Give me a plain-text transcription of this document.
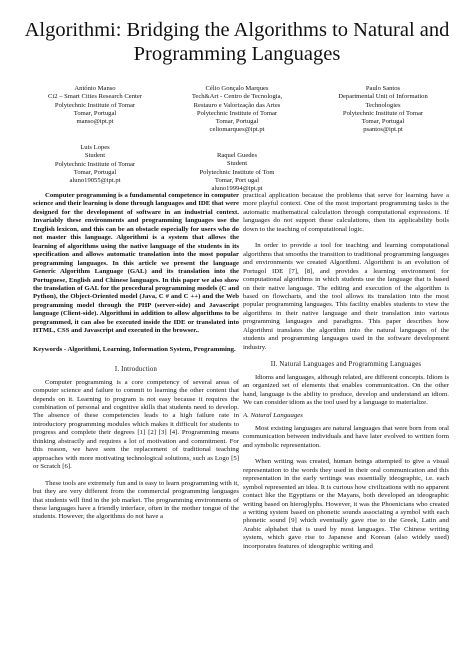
Algorithmi: Bridging the Algorithms to Natural and Programming Languages
António Manso
Ci2 – Smart Cities Research Center
Polytechnic Institute of Tomar
Tomar, Portugal
manso@ipt.pt
Célio Gonçalo Marques
Tech&Art - Centro de Tecnologia,
Restauro e Valorização das Artes
Polytechnic Institute of Tomar
Tomar, Portugal
celiomarques@ipt.pt
Paulo Santos
Departmental Unit of Information
Technologies
Polytechnic Institute of Tomar
Tomar, Portugal
psantos@ipt.pt
Luis Lopes
Student
Polytechnic Institute of Tomar
Tomar, Portugal
aluno19055@ipt.pt
Raquel Guedes
Student
Polytechnic Institute of Tom
Tomar, Port ugal
aluno19994@ipt.pt

Computer programming is a fundamental competence in computer science and their learning is done through languages and IDE that were designed for the development of software in an industrial context. Invariably these environments and programming languages use the English lexicon, and this can be an obstacle especially for users who do not master this language. Algorithmi is a system that allows the learning of algorithms using the native language of the students in its specification and allows automatic translation into the most popular programming languages. In this article we present the language Generic Algorithm Language (GAL) and its translation into the Portuguese, English and Chinese languages. In this paper we also show the translation of GAL for the procedural programming models (C and Python), the Object-Oriented model (Java, C # and C ++) and the Web programming model through the PHP (server-side) and Javascript language (Client-side). Algorithmi in addition to allow algorithms to be programmed, it can also be executed inside the IDE or translated into HTML, CSS and Javascript and executed in the browser..

Keywords - Algorithmi, Learning, Information System, Programming.

I. Introduction

Computer programming is a core competency of several areas of computer science and failure to commit to learning the other content that depends on it. Learning to program is not easy because it requires the combination of personal and cognitive skills that students need to develop. The absence of these competencies leads to a high failure rate in introductory programming modules which makes it difficult for students to progress and complete their degrees [1] [2] [3] [4]. Programming means thinking abstractly and requires a lot of motivation and commitment. For this reason, we have seen the replacement of traditional teaching approaches with more motivating technological solutions, such as Logo [5] or Scratch [6].

These tools are extremely fun and is easy to learn programming with it, but they are very different from the commercial programming languages that students will find in the job market. The programming environments of these languages have a friendly interface, often in the mother tongue of the students. However, the algorithms do not have a

practical application because the problems that serve for learning have a more playful context. One of the most important programming tasks is the automatic mathematical calculation through computational expressions. If languages do not support these calculations, then its applicability boils down to the teaching of computational logic.

In order to provide a tool for teaching and learning computational algorithms that smooths the transition to traditional programming languages and environments we created Algorithmi. Algorithmi is an evolution of Portugol IDE [7], [8], and provides a learning environment for computational algorithms in which students use the language that is based on their native language. The editing and execution of the algorithm is based on flowcharts, and the tool allows its translation into the most popular programming languages. This facility enables students to view the algorithms in their native language and their translation into various programming languages and paradigms. This paper describes how Algorithmi translates the algorithm into the natural languages of the students and programming languages used in the software development industry.

II. Natural Languages and Programming Languages

Idioms and languages, although related, are different concepts. Idiom is an organized set of elements that enables communication. On the other hand, language is the ability to produce, develop and understand an idiom. We can consider idiom as the tool used by a language to materialize.

A. Natural Languages

Most existing languages are natural languages that were born from oral communication between individuals and have later evolved to written form and symbolic representation.

When writing was created, human beings attempted to give a visual representation to the words they used in their oral communication and this representation in the early writings was essentially ideographic, i.e. each symbol represented an idea. It is curious how civilizations with no apparent contact like the Egyptians or the Mayans, both developed an ideographic writing based on hieroglyphs. However, it was the Phoenicians who created a writing system based on phonetic sounds associating a symbol with each phonetic sound [9] which eventually gave rise to the Greek, Latin and Arabic alphabet that is used by most languages. The Chinese writing system, which gave rise to Japanese and Korean (also widely used) incorporates features of ideographic writing and
